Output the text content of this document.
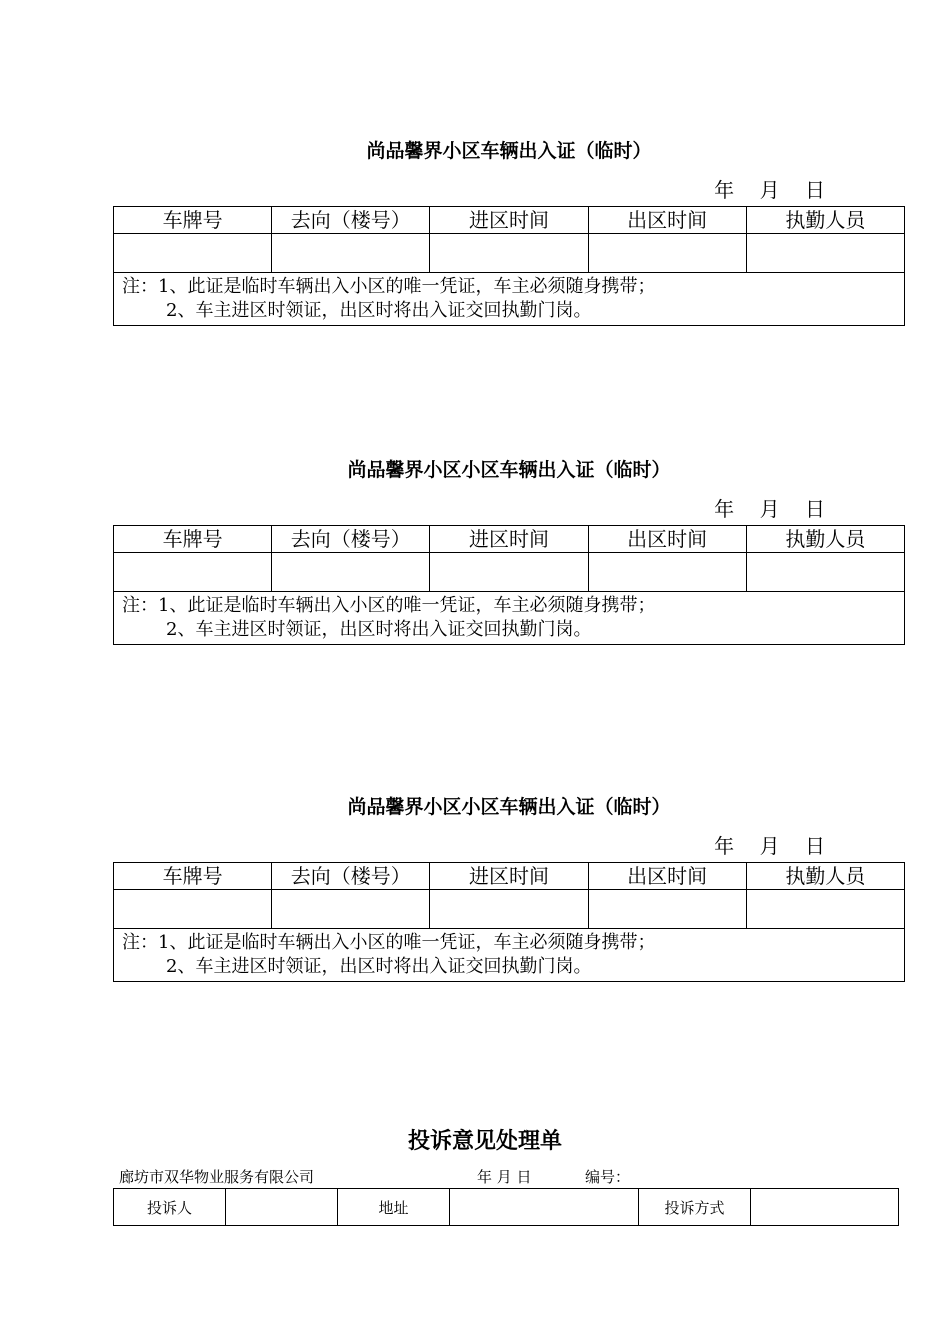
尚品馨界小区车辆出入证（临时）
年    月    日
车牌号	去向（楼号）	进区时间	出区时间	执勤人员

注：1、此证是临时车辆出入小区的唯一凭证，车主必须随身携带；
2、车主进区时领证，出区时将出入证交回执勤门岗。				
尚品馨界小区小区车辆出入证（临时）
年    月    日
车牌号	去向（楼号）	进区时间	出区时间	执勤人员

注：1、此证是临时车辆出入小区的唯一凭证，车主必须随身携带；
2、车主进区时领证，出区时将出入证交回执勤门岗。				
尚品馨界小区小区车辆出入证（临时）
年    月    日
车牌号	去向（楼号）	进区时间	出区时间	执勤人员

注：1、此证是临时车辆出入小区的唯一凭证，车主必须随身携带；
2、车主进区时领证，出区时将出入证交回执勤门岗。				
投诉意见处理单
廊坊市双华物业服务有限公司	年 月 日	编号：
投诉人		地址		投诉方式	
